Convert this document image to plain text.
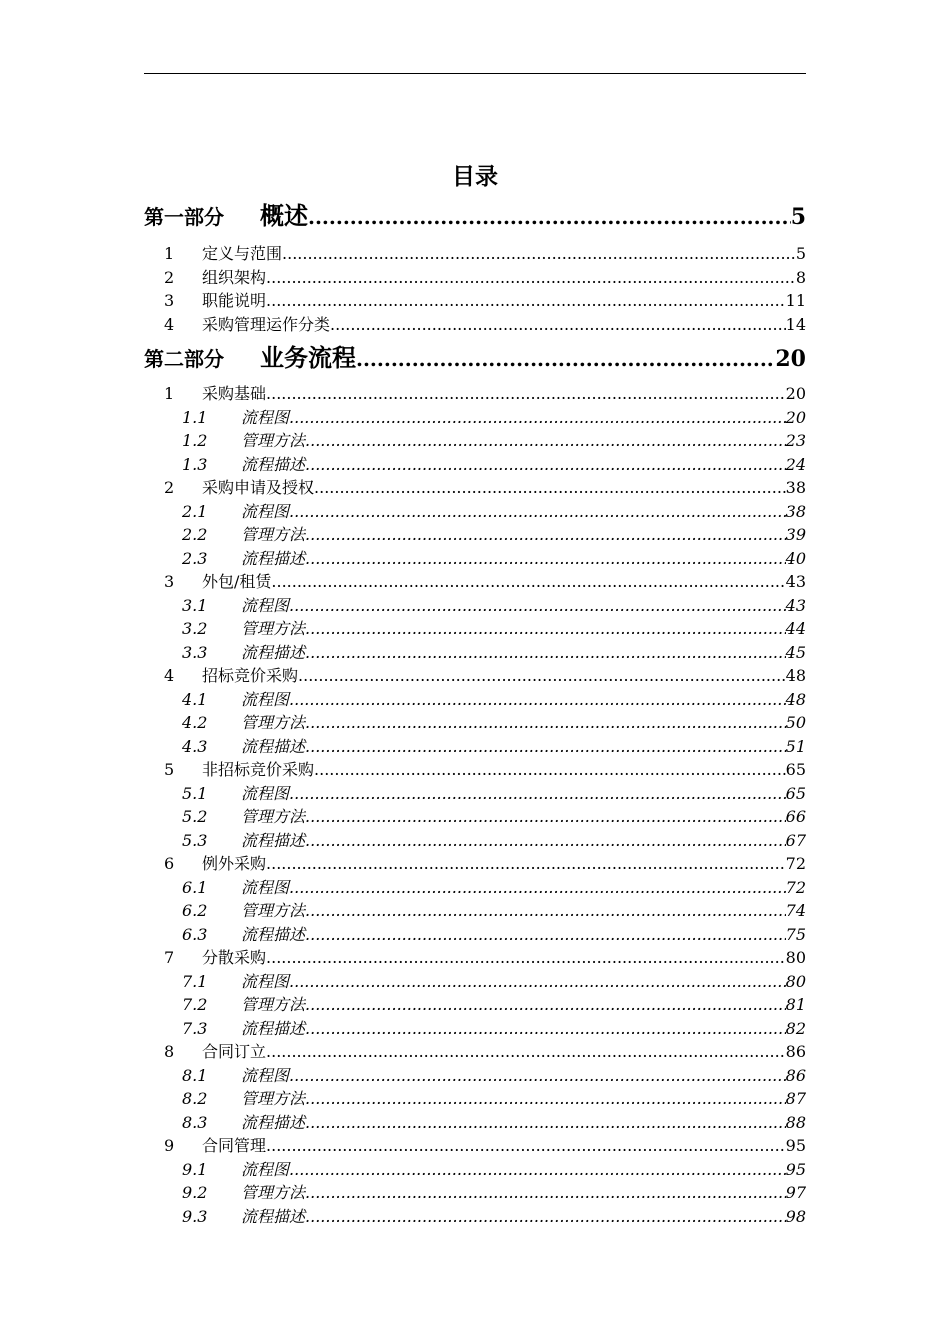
目录
第一部分	概述 .....	5
1	定义与范围 .....	5
2	组织架构 .....	8
3	职能说明 .....	11
4	采购管理运作分类 .....	14
第二部分	业务流程 .....	20
1	采购基础 .....	20
1.1	流程图 .....	20
1.2	管理方法 .....	23
1.3	流程描述 .....	24
2	采购申请及授权 .....	38
2.1	流程图 .....	38
2.2	管理方法 .....	39
2.3	流程描述 .....	40
3	外包/租赁 .....	43
3.1	流程图 .....	43
3.2	管理方法 .....	44
3.3	流程描述 .....	45
4	招标竞价采购 .....	48
4.1	流程图 .....	48
4.2	管理方法 .....	50
4.3	流程描述 .....	51
5	非招标竞价采购 .....	65
5.1	流程图 .....	65
5.2	管理方法 .....	66
5.3	流程描述 .....	67
6	例外采购 .....	72
6.1	流程图 .....	72
6.2	管理方法 .....	74
6.3	流程描述 .....	75
7	分散采购 .....	80
7.1	流程图 .....	80
7.2	管理方法 .....	81
7.3	流程描述 .....	82
8	合同订立 .....	86
8.1	流程图 .....	86
8.2	管理方法 .....	87
8.3	流程描述 .....	88
9	合同管理 .....	95
9.1	流程图 .....	95
9.2	管理方法 .....	97
9.3	流程描述 .....	98
